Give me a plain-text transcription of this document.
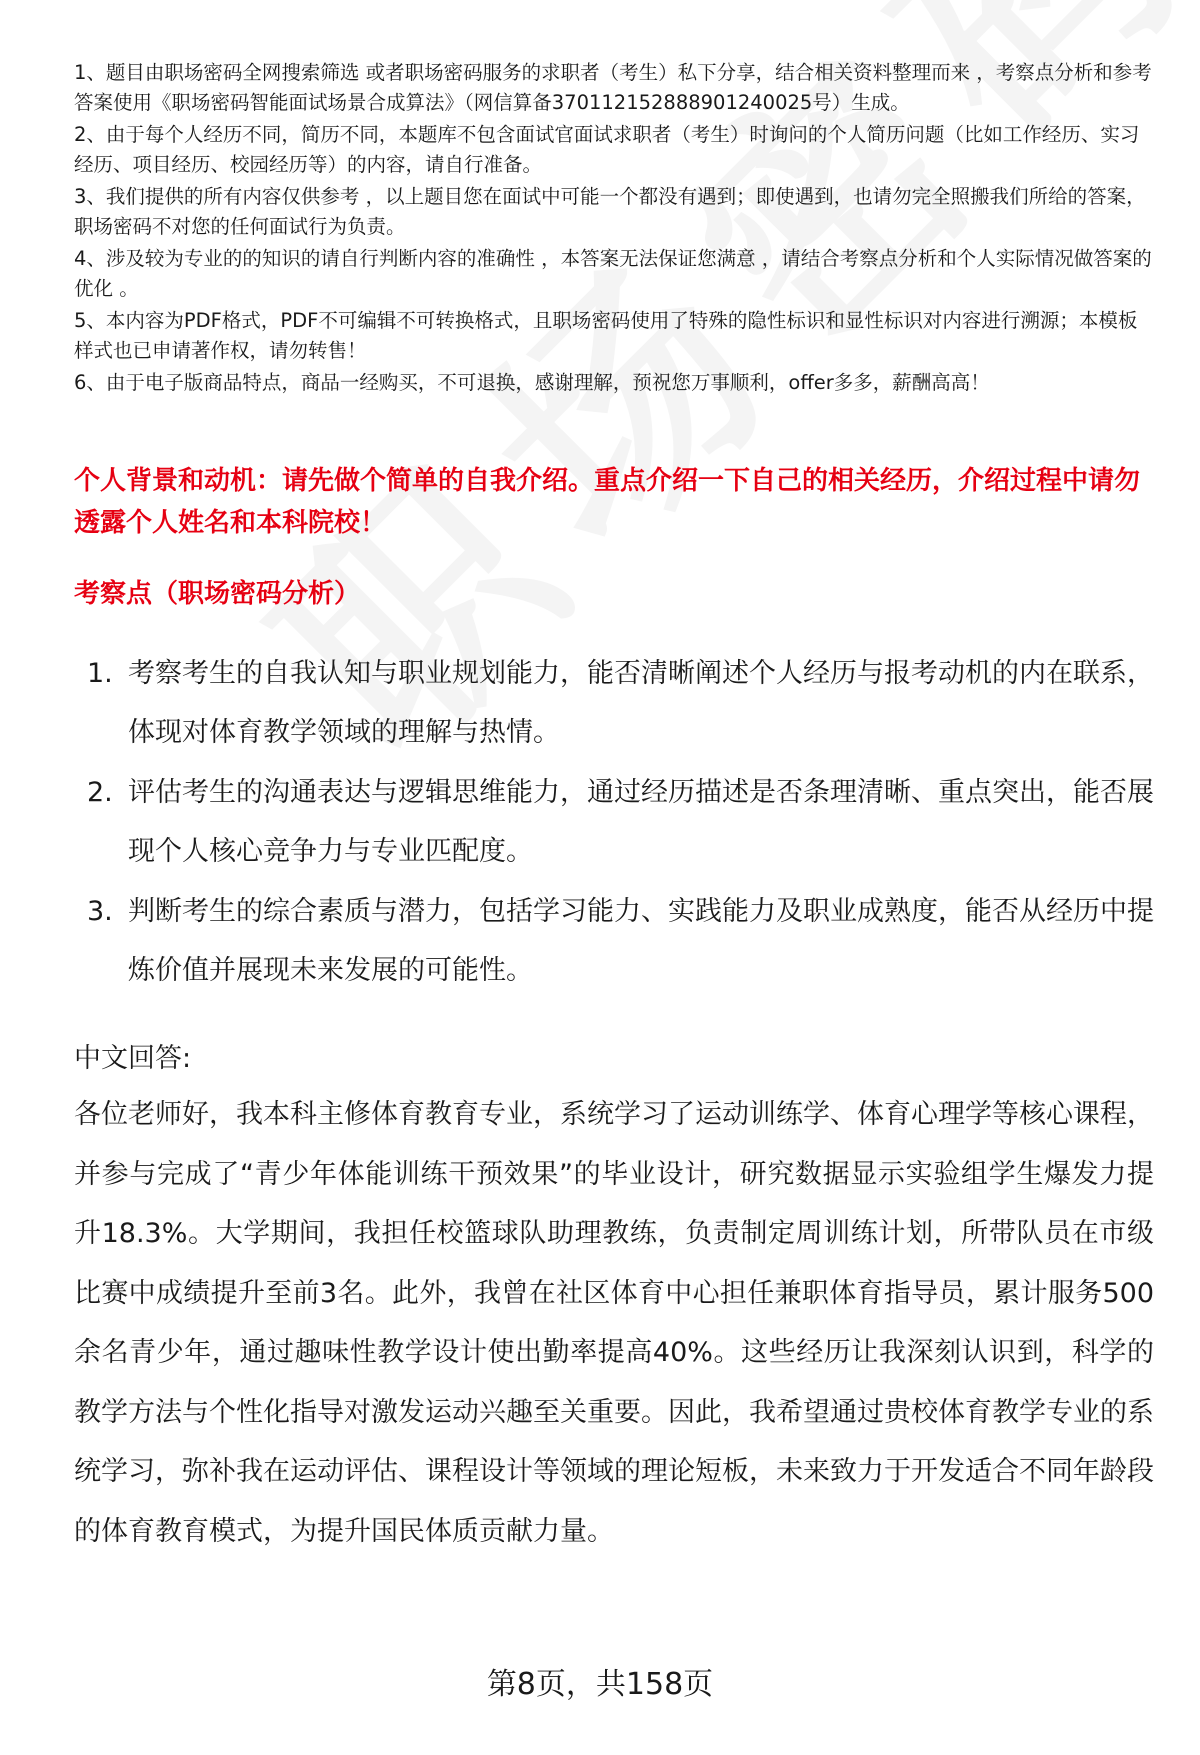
1、题目由职场密码全网搜索筛选 或者职场密码服务的求职者（考生）私下分享，结合相关资料整理而来 ，考察点分析和参考答案使用《职场密码智能面试场景合成算法》（网信算备370112152888901240025号）生成。

2、由于每个人经历不同，简历不同，本题库不包含面试官面试求职者（考生）时询问的个人简历问题（比如工作经历、实习经历、项目经历、校园经历等）的内容，请自行准备。

3、我们提供的所有内容仅供参考 ，以上题目您在面试中可能一个都没有遇到；即使遇到，也请勿完全照搬我们所给的答案，职场密码不对您的任何面试行为负责。

4、涉及较为专业的的知识的请自行判断内容的准确性 ，本答案无法保证您满意 ，请结合考察点分析和个人实际情况做答案的优化 。

5、本内容为PDF格式，PDF不可编辑不可转换格式，且职场密码使用了特殊的隐性标识和显性标识对内容进行溯源；本模板样式也已申请著作权，请勿转售！

6、由于电子版商品特点，商品一经购买，不可退换，感谢理解，预祝您万事顺利，offer多多，薪酬高高！

个人背景和动机：请先做个简单的自我介绍。重点介绍一下自己的相关经历，介绍过程中请勿透露个人姓名和本科院校！
考察点（职场密码分析）
1. 考察考生的自我认知与职业规划能力，能否清晰阐述个人经历与报考动机的内在联系，体现对体育教学领域的理解与热情。
2. 评估考生的沟通表达与逻辑思维能力，通过经历描述是否条理清晰、重点突出，能否展现个人核心竞争力与专业匹配度。
3. 判断考生的综合素质与潜力，包括学习能力、实践能力及职业成熟度，能否从经历中提炼价值并展现未来发展的可能性。

中文回答:

各位老师好，我本科主修体育教育专业，系统学习了运动训练学、体育心理学等核心课程，并参与完成了“青少年体能训练干预效果”的毕业设计，研究数据显示实验组学生爆发力提升18.3%。大学期间，我担任校篮球队助理教练，负责制定周训练计划，所带队员在市级比赛中成绩提升至前3名。此外，我曾在社区体育中心担任兼职体育指导员，累计服务500余名青少年，通过趣味性教学设计使出勤率提高40%。这些经历让我深刻认识到，科学的教学方法与个性化指导对激发运动兴趣至关重要。因此，我希望通过贵校体育教学专业的系统学习，弥补我在运动评估、课程设计等领域的理论短板，未来致力于开发适合不同年龄段的体育教育模式，为提升国民体质贡献力量。

第8页，共158页
